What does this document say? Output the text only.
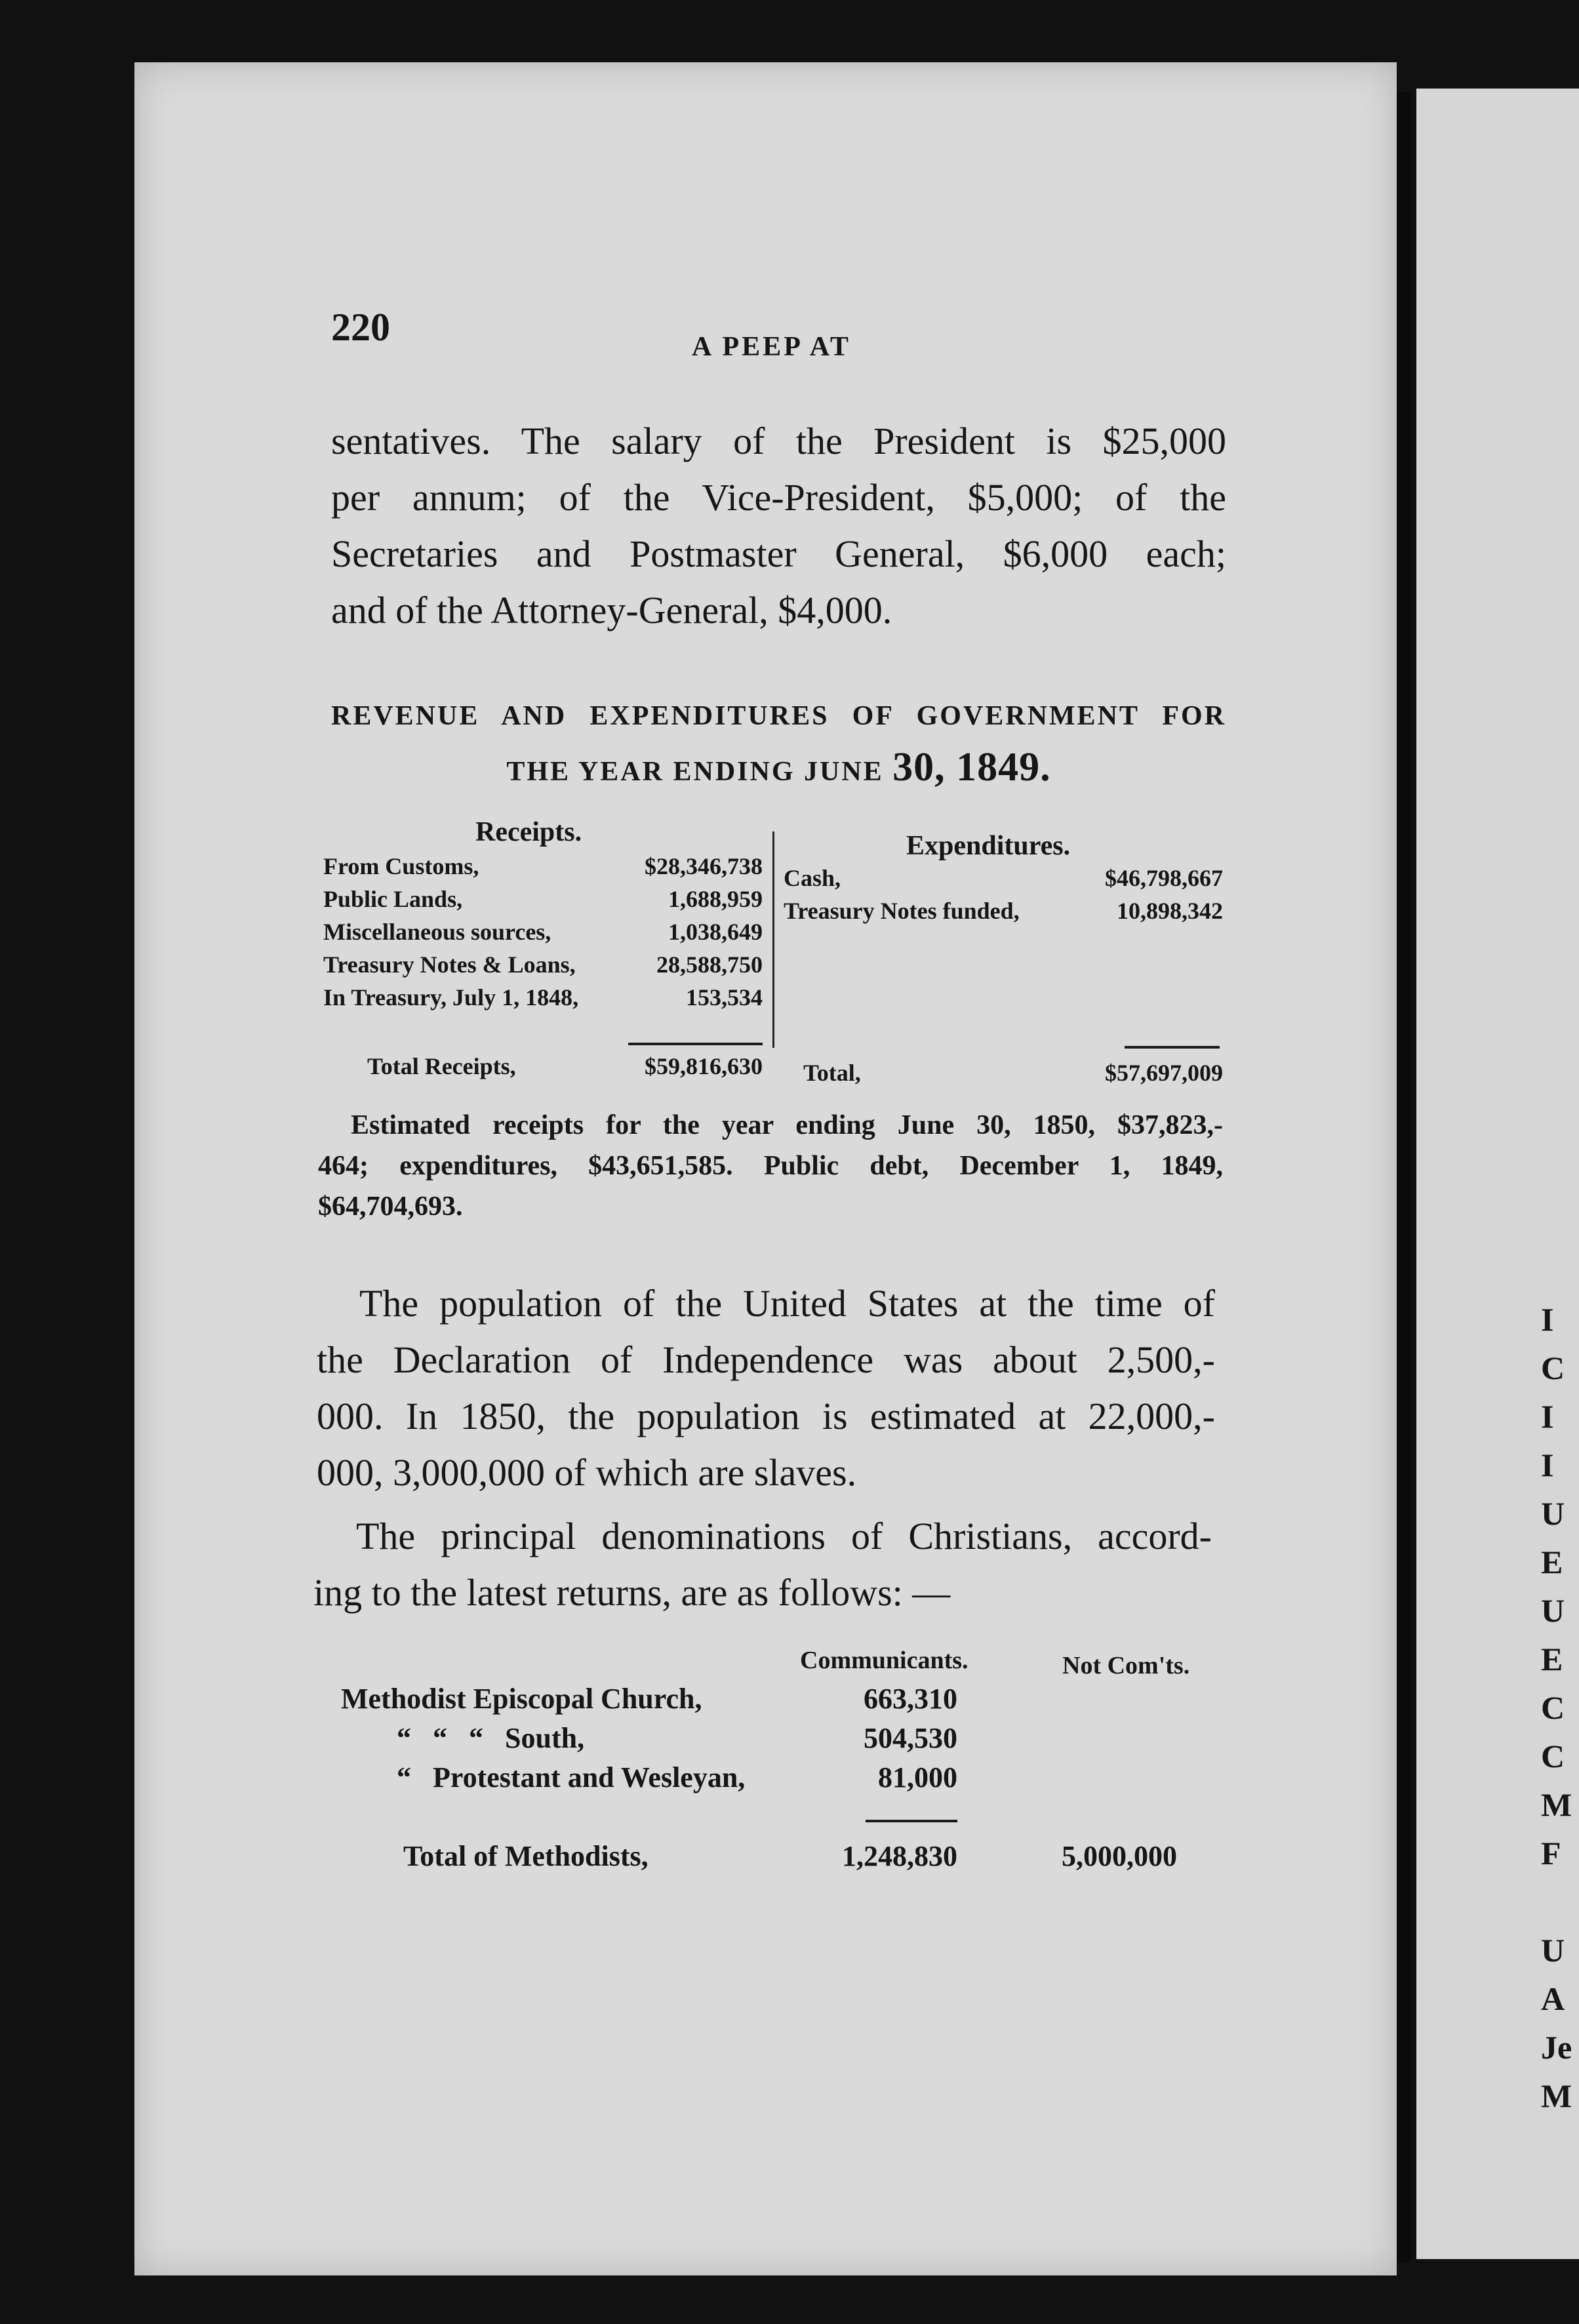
I
C
I
I
U
E
U
E
C
C
M
F

U
A
Je
M
220	A PEEP AT
sentatives. The salary of the President is $25,000
per annum; of the Vice-President, $5,000; of the
Secretaries and Postmaster General, $6,000 each;
and of the Attorney-General, $4,000.
REVENUE AND EXPENDITURES OF GOVERNMENT FOR
THE YEAR ENDING JUNE 30, 1849.
Receipts.
From Customs,	$28,346,738
Public Lands,	1,688,959
Miscellaneous sources,	1,038,649
Treasury Notes & Loans,	28,588,750
In Treasury, July 1, 1848,	153,534
Total Receipts,	$59,816,630
Expenditures.
Cash,	$46,798,667
Treasury Notes funded,	10,898,342
Total,	$57,697,009
Estimated receipts for the year ending June 30, 1850, $37,823,-
464; expenditures, $43,651,585. Public debt, December 1, 1849,
$64,704,693.
The population of the United States at the time of
the Declaration of Independence was about 2,500,-
000. In 1850, the population is estimated at 22,000,-
000, 3,000,000 of which are slaves.
The principal denominations of Christians, accord-
ing to the latest returns, are as follows: —
Communicants.	Not Com'ts.
Methodist Episcopal Church,	663,310
“   “   “   South,	504,530
“   Protestant and Wesleyan,	81,000
Total of Methodists,	1,248,830	5,000,000
